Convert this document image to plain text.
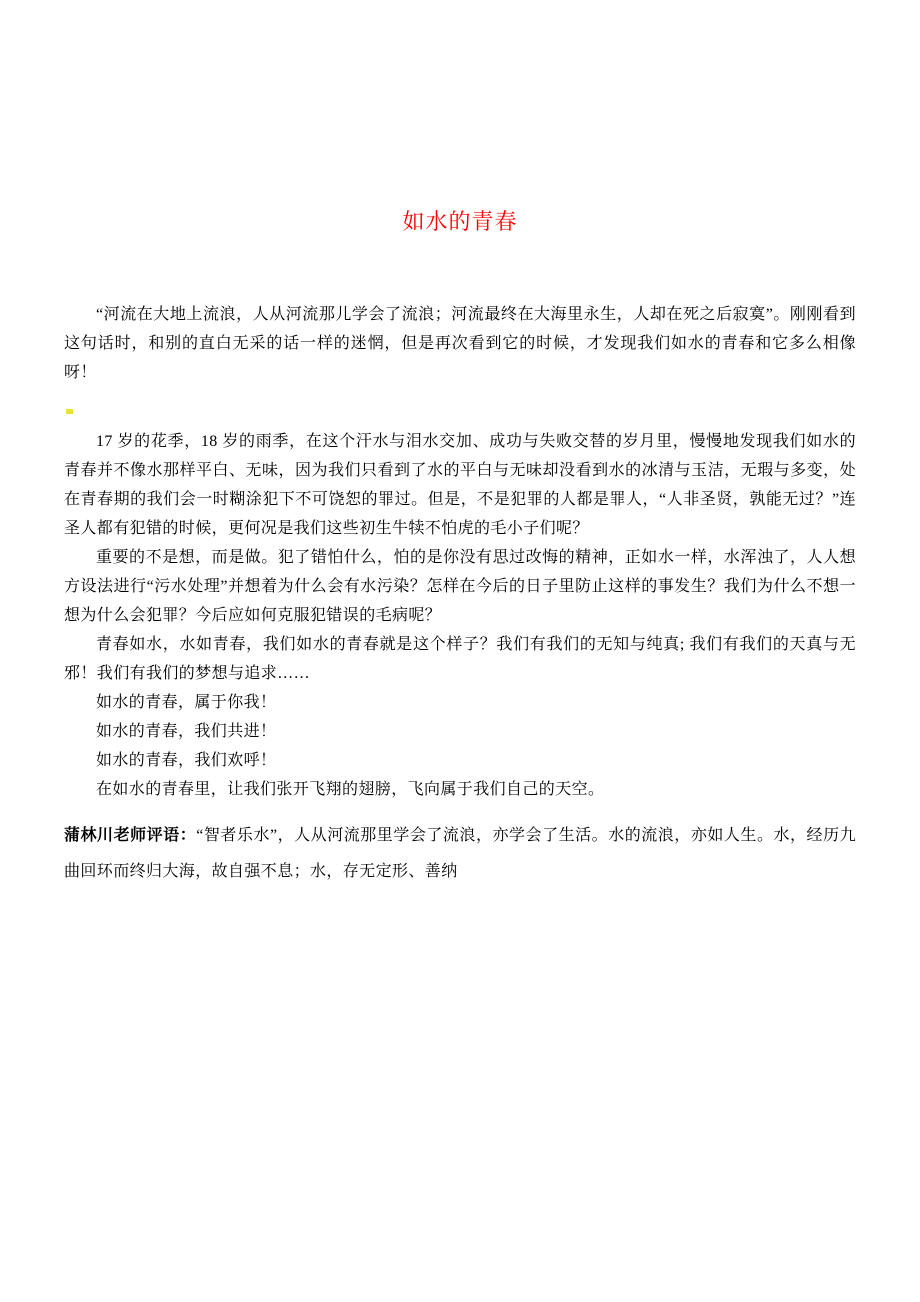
如水的青春

“河流在大地上流浪，人从河流那儿学会了流浪；河流最终在大海里永生，人却在死之后寂寞”。刚刚看到这句话时，和别的直白无采的话一样的迷惘，但是再次看到它的时候，才发现我们如水的青春和它多么相像呀！

17 岁的花季，18 岁的雨季，在这个汗水与泪水交加、成功与失败交替的岁月里，慢慢地发现我们如水的青春并不像水那样平白、无味，因为我们只看到了水的平白与无味却没看到水的冰清与玉洁，无瑕与多变，处在青春期的我们会一时糊涂犯下不可饶恕的罪过。但是，不是犯罪的人都是罪人，“人非圣贤，孰能无过？”连圣人都有犯错的时候，更何况是我们这些初生牛犊不怕虎的毛小子们呢？

重要的不是想，而是做。犯了错怕什么，怕的是你没有思过改悔的精神，正如水一样，水浑浊了，人人想方设法进行“污水处理”并想着为什么会有水污染？怎样在今后的日子里防止这样的事发生？我们为什么不想一想为什么会犯罪？今后应如何克服犯错误的毛病呢？

青春如水，水如青春，我们如水的青春就是这个样子？我们有我们的无知与纯真; 我们有我们的天真与无邪！我们有我们的梦想与追求……

如水的青春，属于你我！

如水的青春，我们共进！

如水的青春，我们欢呼！

在如水的青春里，让我们张开飞翔的翅膀，飞向属于我们自己的天空。

蒲林川老师评语：“智者乐水”，人从河流那里学会了流浪，亦学会了生活。水的流浪，亦如人生。水，经历九曲回环而终归大海，故自强不息；水，存无定形、善纳
